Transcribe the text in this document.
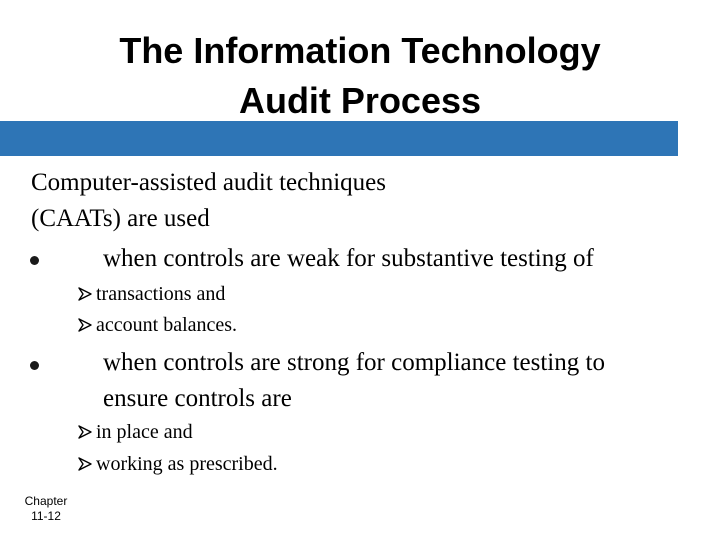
The Information Technology
Audit Process
Computer-assisted audit techniques
(CAATs) are used
when controls are weak for substantive testing of
transactions and
account balances.
when controls are strong for compliance testing to
ensure controls are
in place and
working as prescribed.
Chapter
11-12
